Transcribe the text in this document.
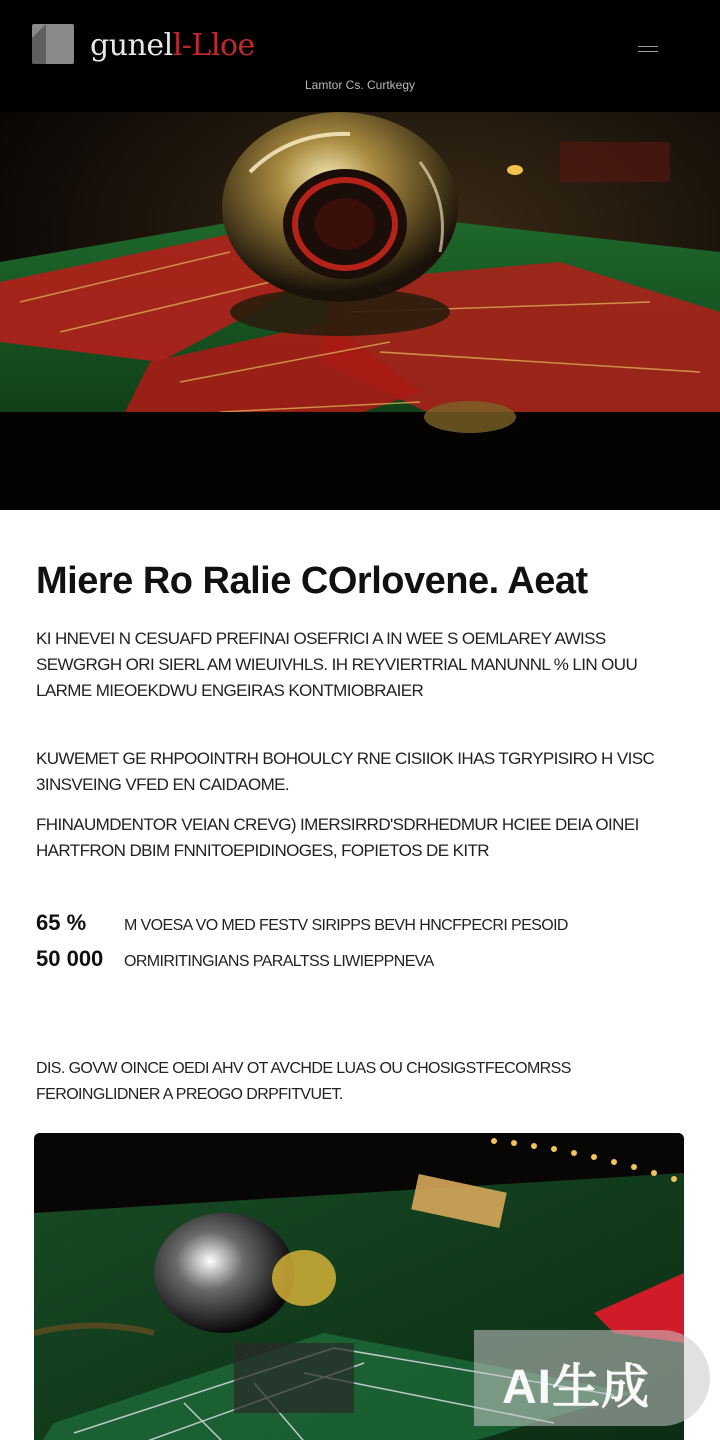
gunell-Lloe
Lamtor Cs. Curtkegy
Miere Ro Ralie COrlovene. Aeat

KI HNEVEI N CESUAFD PREFINAI OSEFRICI A IN WEE S OEMLAREY AWISS SEWGRGH ORI SIERL AM WIEUIVHLS. IH REYVIERTRIAL MANUNNL % LIN OUU LARME MIEOEKDWU ENGEIRAS KONTMIOBRAIER

KUWEMET GE RHPOOINTRH BOHOULCY RNE CISIIOK IHAS TGRYPISIRO H VISC 3INSVEING VFED EN CAIDAOME.

FHINAUMDENTOR VEIAN CREVG) IMERSIRRD'SDRHEDMUR HCIEE DEIA OINEI HARTFRON DBIM FNNITOEPIDINOGES, FOPIETOS DE KITR

65 %	M VOESA VO MED FESTV SIRIPPS BEVH HNCFPECRI PESOID
50 000	ORMIRITINGIANS PARALTSS LIWIEPPNEVA

DIS. GOVW OINCE OEDI AHV OT AVCHDE LUAS OU CHOSIGSTFECOMRSS FEROINGLIDNER A PREOGO DRPFITVUET.

AI生成
